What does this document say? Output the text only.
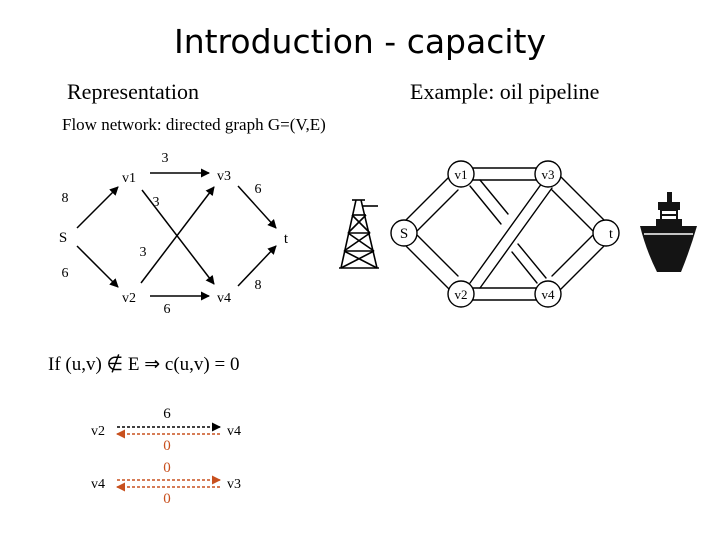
Introduction - capacity
Representation	Example: oil pipeline
Flow network: directed graph G=(V,E)
If (u,v) ∉ E ⇒ c(u,v) = 0
v1	v3
S	t
v2	v4
8
6
3
3
6
6
8
3
S
v1	v3
t
v2	v4
v2	v4
6
0
v4	v3
0
0
